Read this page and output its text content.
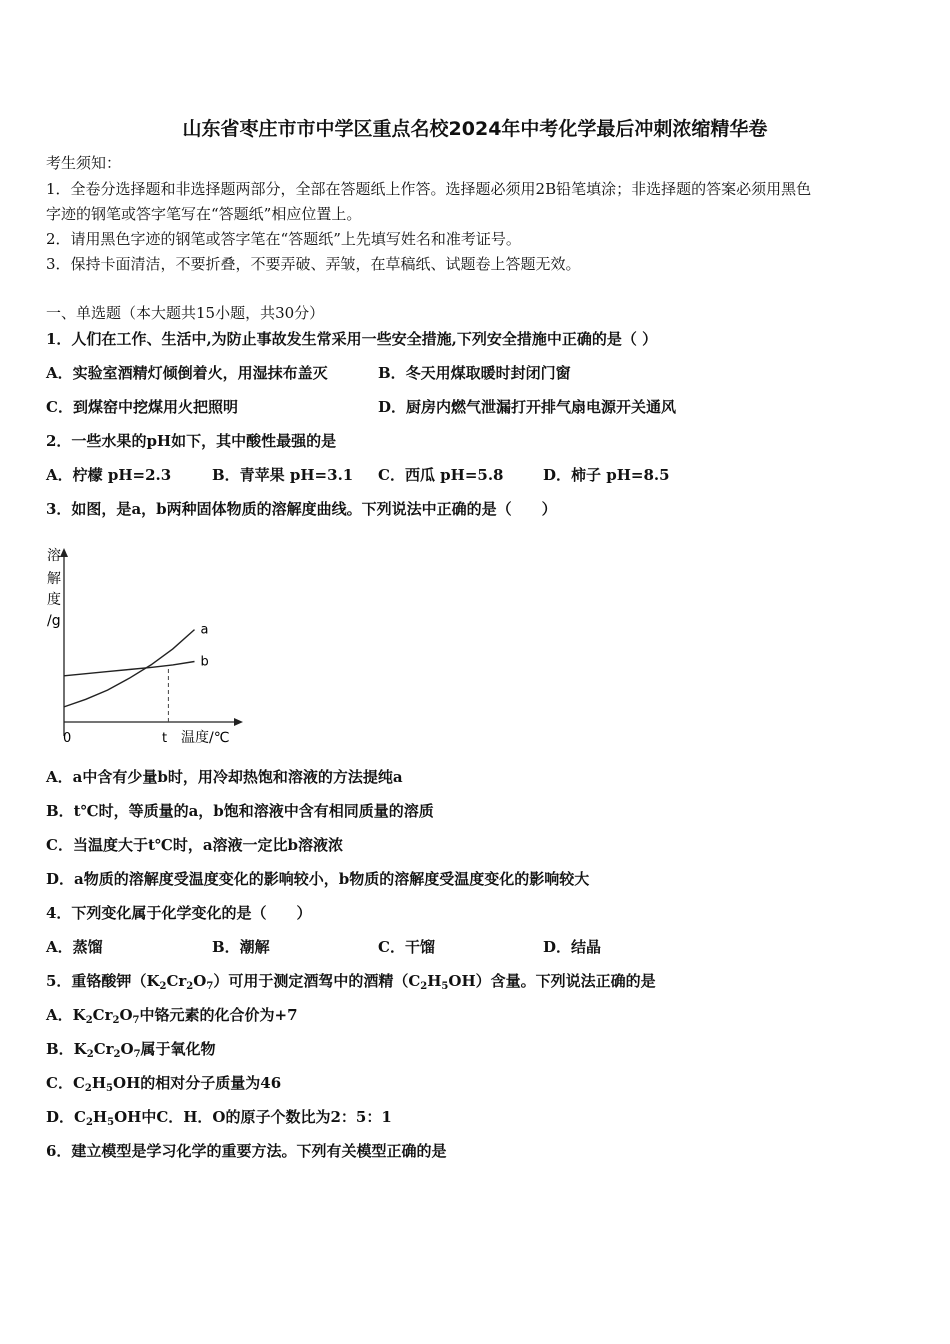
山东省枣庄市市中学区重点名校2024年中考化学最后冲刺浓缩精华卷
考生须知：
1．全卷分选择题和非选择题两部分，全部在答题纸上作答。选择题必须用2B铅笔填涂；非选择题的答案必须用黑色
字迹的钢笔或答字笔写在“答题纸”相应位置上。
2．请用黑色字迹的钢笔或答字笔在“答题纸”上先填写姓名和准考证号。
3．保持卡面清洁，不要折叠，不要弄破、弄皱，在草稿纸、试题卷上答题无效。
一、单选题（本大题共15小题，共30分）
1．人们在工作、生活中,为防止事故发生常采用一些安全措施,下列安全措施中正确的是（ ）
A．实验室酒精灯倾倒着火，用湿抹布盖灭	B．冬天用煤取暖时封闭门窗
C．到煤窑中挖煤用火把照明	D．厨房内燃气泄漏打开排气扇电源开关通风
2．一些水果的pH如下，其中酸性最强的是
A．柠檬 pH=2.3	B．青苹果 pH=3.1 C．西瓜 pH=5.8	D．柿子 pH=8.5
3．如图，是a，b两种固体物质的溶解度曲线。下列说法中正确的是（　　）
溶
解
度
/g
0	t 温度/℃
a
b
A．a中含有少量b时，用冷却热饱和溶液的方法提纯a
B．t℃时，等质量的a，b饱和溶液中含有相同质量的溶质
C．当温度大于t℃时，a溶液一定比b溶液浓
D．a物质的溶解度受温度变化的影响较小，b物质的溶解度受温度变化的影响较大
4．下列变化属于化学变化的是（　　）
A．蒸馏	B．潮解	C．干馏	D．结晶
5．重铬酸钾$(K_2Cr_2O_7)$可用于测定酒驾中的酒精$(C_2H_5OH)$含量。下列说法正确的是
A．$K_2Cr_2O_7$中铬元素的化合价为+7
B．$K_2Cr_2O_7$属于氧化物
C．$C_2H_5OH$的相对分子质量为46
D．$C_2H_5OH$中C．H．O的原子个数比为2：5：1
6．建立模型是学习化学的重要方法。下列有关模型正确的是
